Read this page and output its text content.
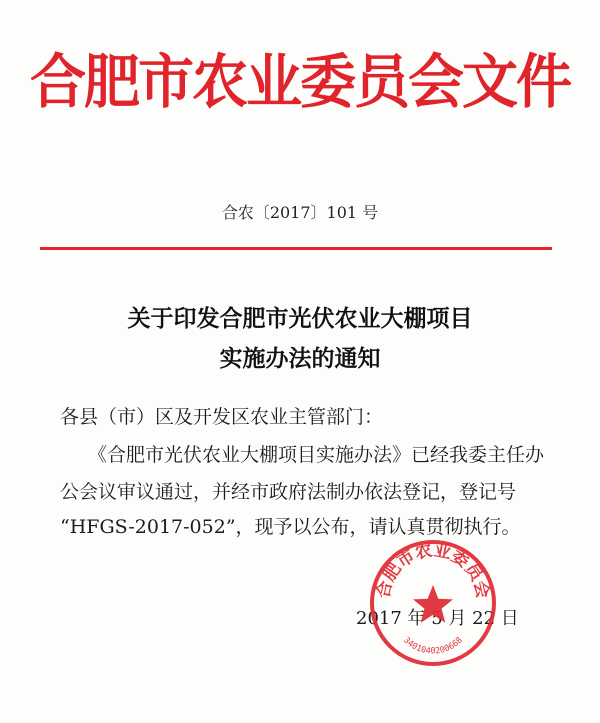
合肥市农业委员会文件
合农〔2017〕101 号
关于印发合肥市光伏农业大棚项目
实施办法的通知
各县（市）区及开发区农业主管部门：
《合肥市光伏农业大棚项目实施办法》已经我委主任办
公会议审议通过，并经市政府法制办依法登记，登记号
“HFGS-2017-052”，现予以公布，请认真贯彻执行。
2017 年 5 月 22 日
合肥市农业委员会
3401040200668
